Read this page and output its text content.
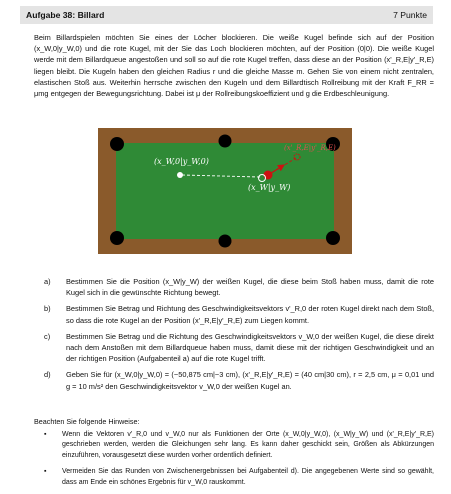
Aufgabe 38: Billard	7 Punkte
Beim Billardspielen möchten Sie eines der Löcher blockieren. Die weiße Kugel befinde sich auf der Position (x_W,0|y_W,0) und die rote Kugel, mit der Sie das Loch blockieren möchten, auf der Position (0|0). Die weiße Kugel werde mit dem Billardqueue angestoßen und soll so auf die rote Kugel treffen, dass diese an der Position (x'_R,E|y'_R,E) liegen bleibt. Die Kugeln haben den gleichen Radius r und die gleiche Masse m. Gehen Sie von einem nicht zentralen, elastischen Stoß aus. Weiterhin herrsche zwischen den Kugeln und dem Billardtisch Rollreibung mit der Kraft F_RR = μmg entgegen der Bewegungsrichtung. Dabei ist μ der Rollreibungskoeffizient und g die Erdbeschleunigung.
(x'_R,E|y'_R,E)
(x_W,0|y_W,0)
(x_W|y_W)
a)	Bestimmen Sie die Position (x_W|y_W) der weißen Kugel, die diese beim Stoß haben muss, damit die rote Kugel sich in die gewünschte Richtung bewegt.
b)	Bestimmen Sie Betrag und Richtung des Geschwindigkeitsvektors v'_R,0 der roten Kugel direkt nach dem Stoß, so dass die rote Kugel an der Position (x'_R,E|y'_R,E) zum Liegen kommt.
c)	Bestimmen Sie Betrag und die Richtung des Geschwindigkeitsvektors v_W,0 der weißen Kugel, die diese direkt nach dem Anstoßen mit dem Billardqueue haben muss, damit diese mit der richtigen Geschwindigkeit und an der richtigen Position (Aufgabenteil a) auf die rote Kugel trifft.
d)	Geben Sie für (x_W,0|y_W,0) = (−50,875 cm|−3 cm), (x'_R,E|y'_R,E) = (40 cm|30 cm), r = 2,5 cm, μ = 0,01 und g = 10 m/s² den Geschwindigkeitsvektor v_W,0 der weißen Kugel an.
Beachten Sie folgende Hinweise:
▪	Wenn die Vektoren v'_R,0 und v_W,0 nur als Funktionen der Orte (x_W,0|y_W,0), (x_W|y_W) und (x'_R,E|y'_R,E) geschrieben werden, werden die Gleichungen sehr lang. Es kann daher geschickt sein, Größen als Abkürzungen einzuführen, vorausgesetzt diese wurden vorher ordentlich definiert.
▪	Vermeiden Sie das Runden von Zwischenergebnissen bei Aufgabenteil d). Die angegebenen Werte sind so gewählt, dass am Ende ein schönes Ergebnis für v_W,0 rauskommt.
